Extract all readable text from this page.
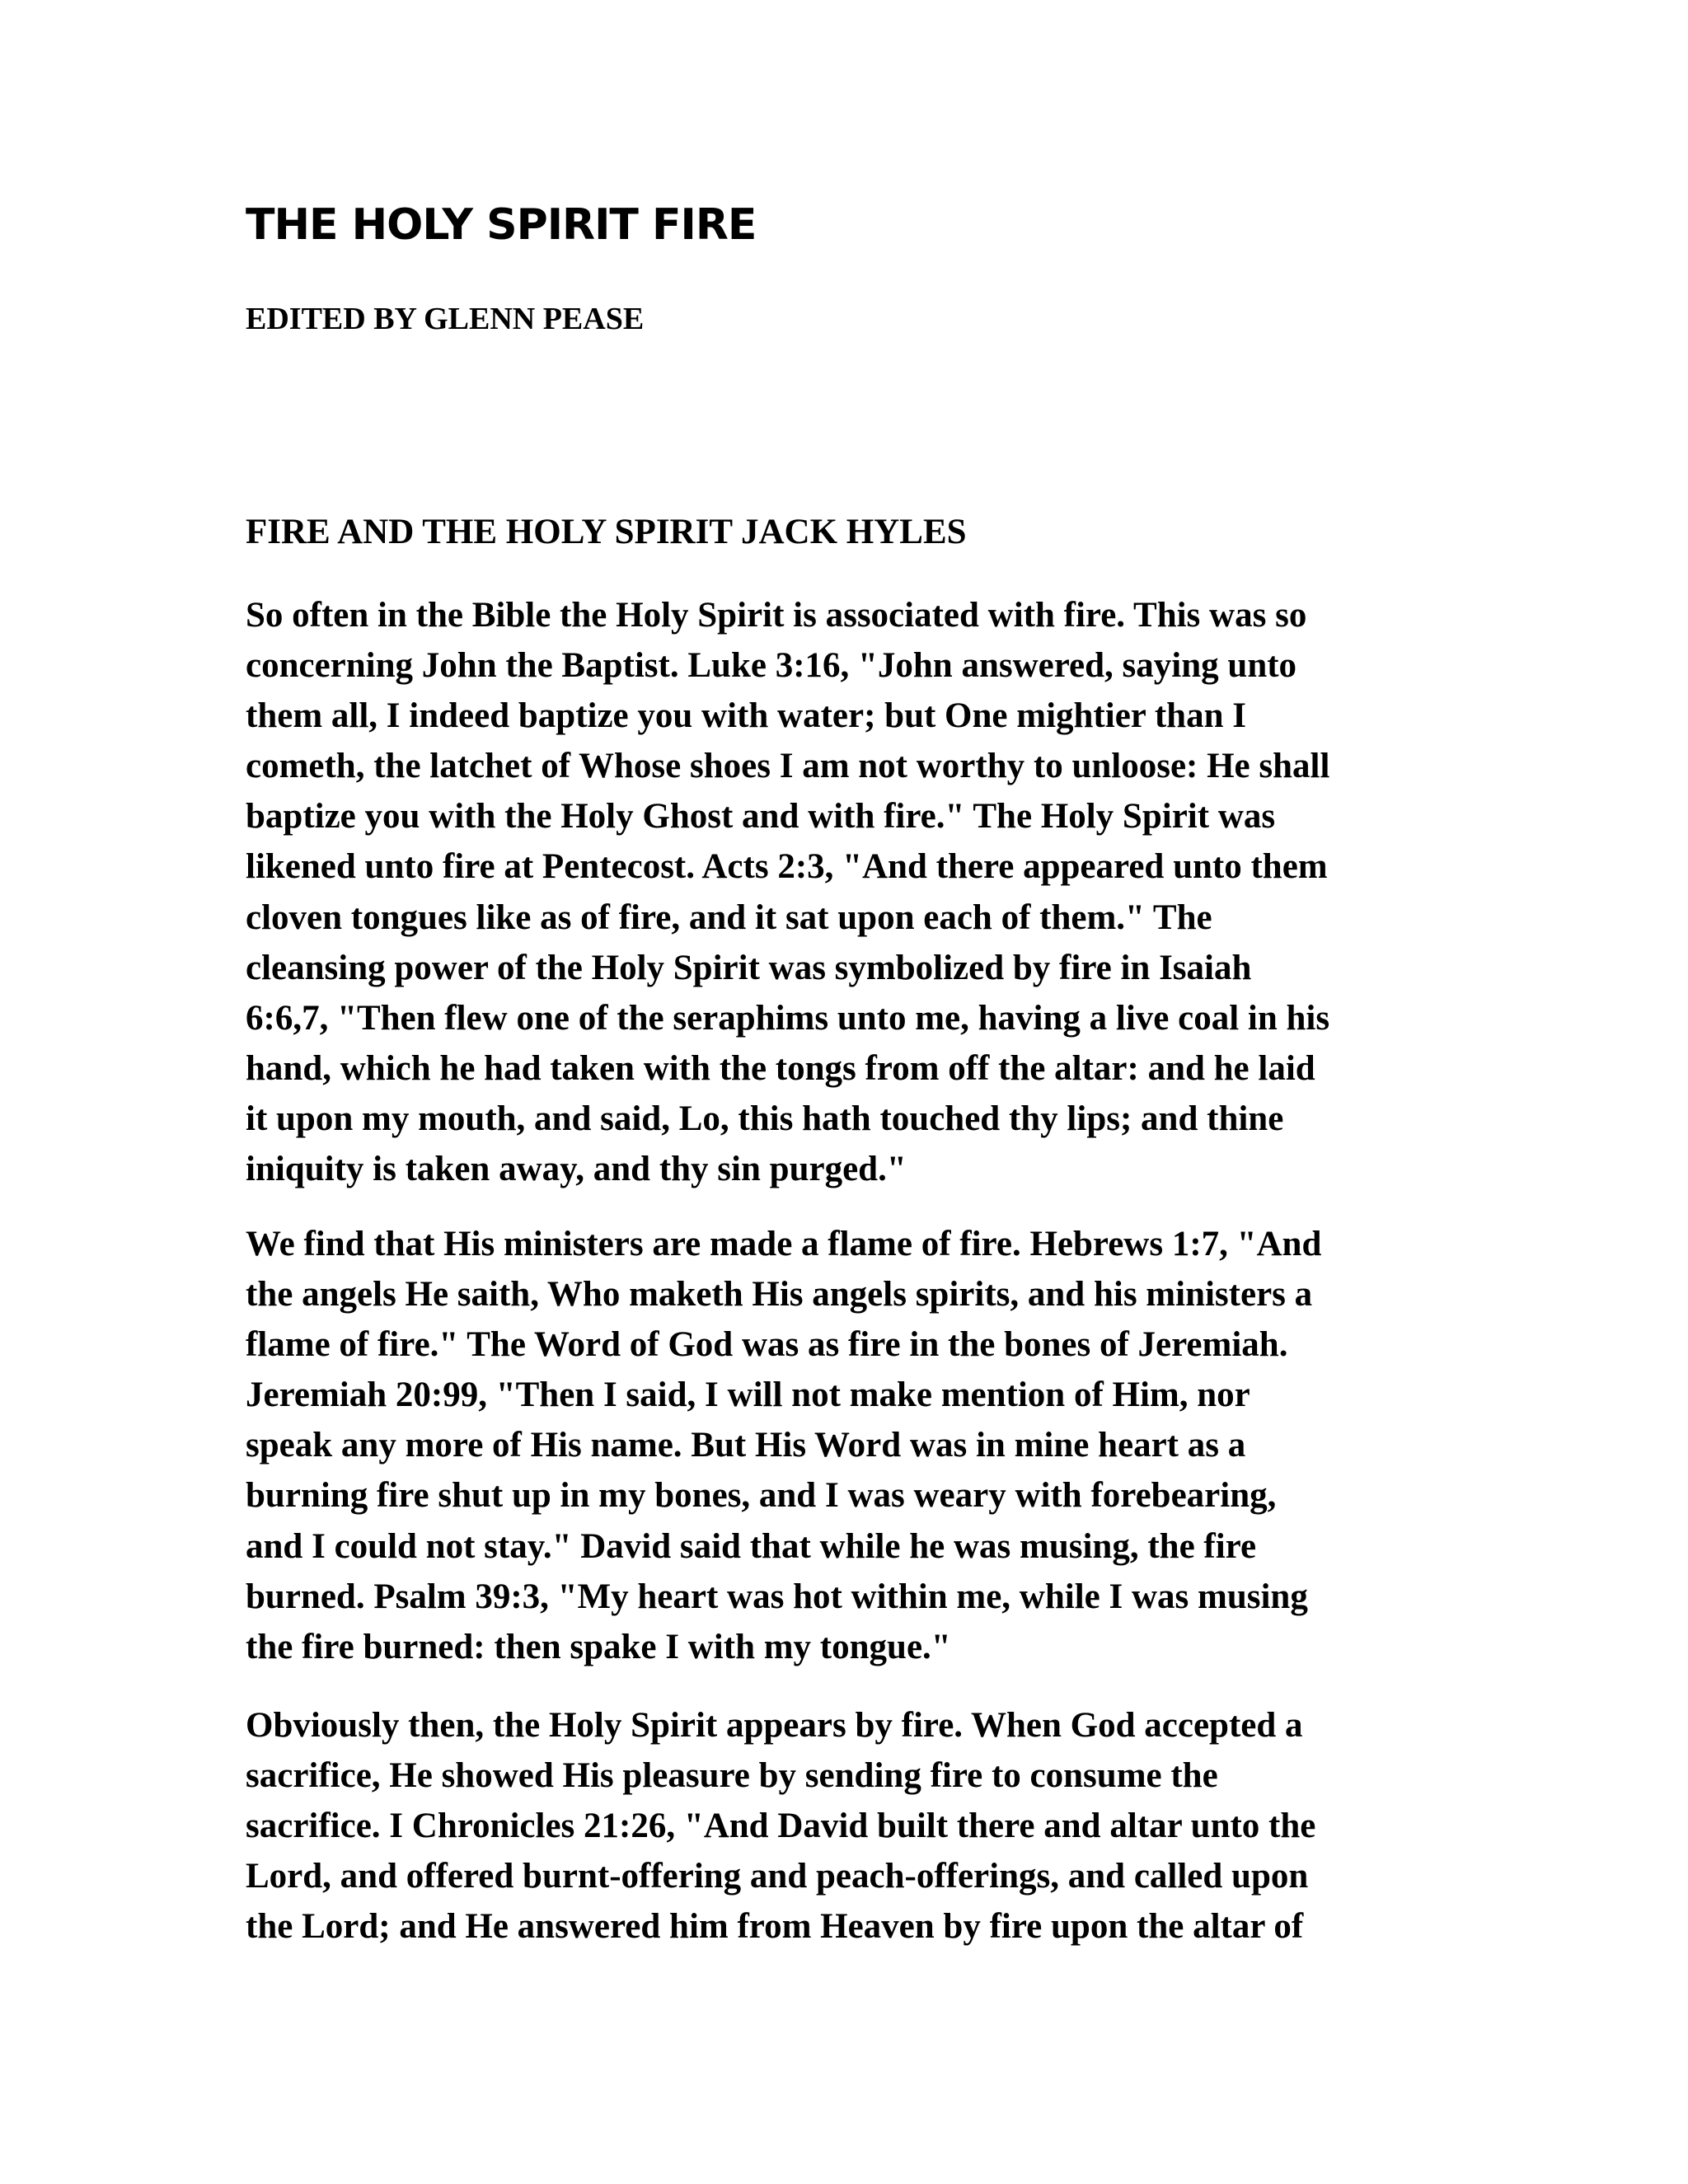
THE HOLY SPIRIT FIRE

EDITED BY GLENN PEASE

FIRE AND THE HOLY SPIRIT JACK HYLES

So often in the Bible the Holy Spirit is associated with fire. This was so
concerning John the Baptist. Luke 3:16, "John answered, saying unto
them all, I indeed baptize you with water; but One mightier than I
cometh, the latchet of Whose shoes I am not worthy to unloose: He shall
baptize you with the Holy Ghost and with fire." The Holy Spirit was
likened unto fire at Pentecost. Acts 2:3, "And there appeared unto them
cloven tongues like as of fire, and it sat upon each of them." The
cleansing power of the Holy Spirit was symbolized by fire in Isaiah
6:6,7, "Then flew one of the seraphims unto me, having a live coal in his
hand, which he had taken with the tongs from off the altar: and he laid
it upon my mouth, and said, Lo, this hath touched thy lips; and thine
iniquity is taken away, and thy sin purged."

We find that His ministers are made a flame of fire. Hebrews 1:7, "And
the angels He saith, Who maketh His angels spirits, and his ministers a
flame of fire." The Word of God was as fire in the bones of Jeremiah.
Jeremiah 20:99, "Then I said, I will not make mention of Him, nor
speak any more of His name. But His Word was in mine heart as a
burning fire shut up in my bones, and I was weary with forebearing,
and I could not stay." David said that while he was musing, the fire
burned. Psalm 39:3, "My heart was hot within me, while I was musing
the fire burned: then spake I with my tongue."

Obviously then, the Holy Spirit appears by fire. When God accepted a
sacrifice, He showed His pleasure by sending fire to consume the
sacrifice. I Chronicles 21:26, "And David built there and altar unto the
Lord, and offered burnt-offering and peach-offerings, and called upon
the Lord; and He answered him from Heaven by fire upon the altar of
